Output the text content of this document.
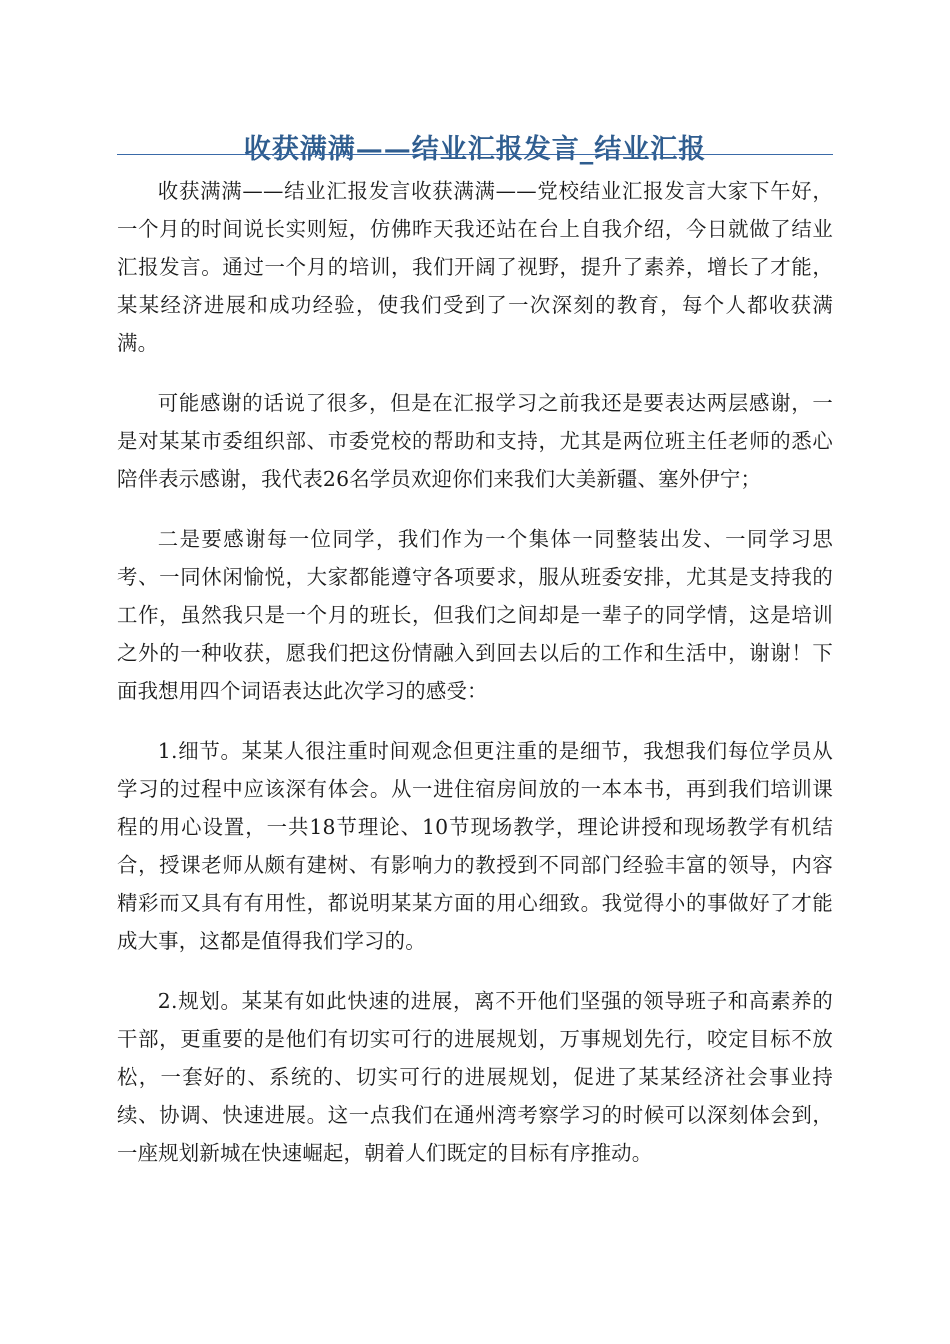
收获满满——结业汇报发言_结业汇报

收获满满——结业汇报发言收获满满——党校结业汇报发言大家下午好，一个月的时间说长实则短，仿佛昨天我还站在台上自我介绍，今日就做了结业汇报发言。通过一个月的培训，我们开阔了视野，提升了素养，增长了才能，某某经济进展和成功经验，使我们受到了一次深刻的教育，每个人都收获满满。

可能感谢的话说了很多，但是在汇报学习之前我还是要表达两层感谢，一是对某某市委组织部、市委党校的帮助和支持，尤其是两位班主任老师的悉心陪伴表示感谢，我代表26名学员欢迎你们来我们大美新疆、塞外伊宁；

二是要感谢每一位同学，我们作为一个集体一同整装出发、一同学习思考、一同休闲愉悦，大家都能遵守各项要求，服从班委安排，尤其是支持我的工作，虽然我只是一个月的班长，但我们之间却是一辈子的同学情，这是培训之外的一种收获，愿我们把这份情融入到回去以后的工作和生活中，谢谢！下面我想用四个词语表达此次学习的感受：

1.细节。某某人很注重时间观念但更注重的是细节，我想我们每位学员从学习的过程中应该深有体会。从一进住宿房间放的一本本书，再到我们培训课程的用心设置，一共18节理论、10节现场教学，理论讲授和现场教学有机结合，授课老师从颇有建树、有影响力的教授到不同部门经验丰富的领导，内容精彩而又具有有用性，都说明某某方面的用心细致。我觉得小的事做好了才能成大事，这都是值得我们学习的。

2.规划。某某有如此快速的进展，离不开他们坚强的领导班子和高素养的干部，更重要的是他们有切实可行的进展规划，万事规划先行，咬定目标不放松，一套好的、系统的、切实可行的进展规划，促进了某某经济社会事业持续、协调、快速进展。这一点我们在通州湾考察学习的时候可以深刻体会到，一座规划新城在快速崛起，朝着人们既定的目标有序推动。
